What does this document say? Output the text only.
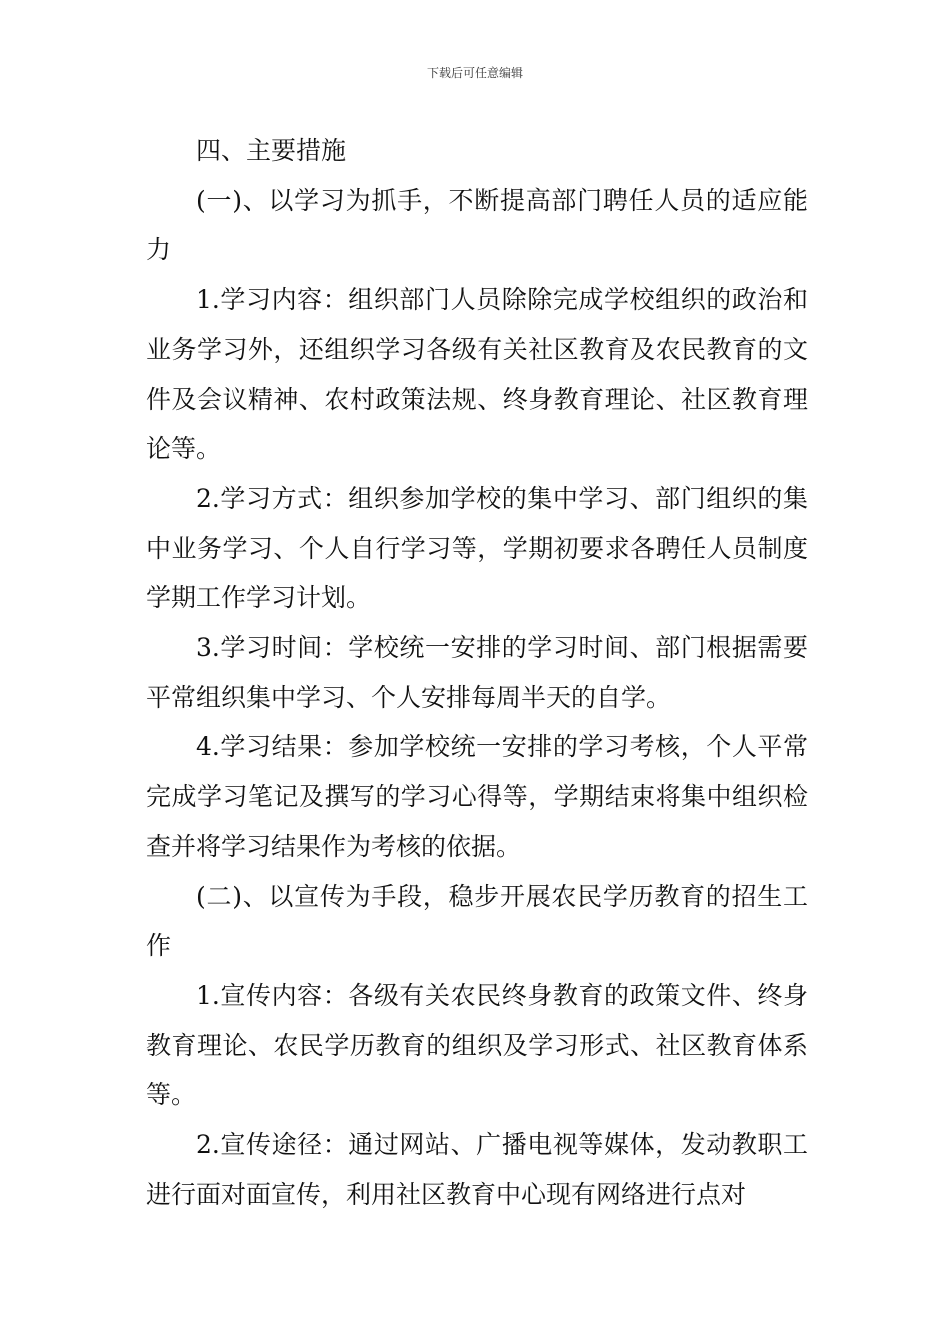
下载后可任意编辑

四、主要措施

(一)、以学习为抓手，不断提高部门聘任人员的适应能力

1.学习内容：组织部门人员除除完成学校组织的政治和业务学习外，还组织学习各级有关社区教育及农民教育的文件及会议精神、农村政策法规、终身教育理论、社区教育理论等。

2.学习方式：组织参加学校的集中学习、部门组织的集中业务学习、个人自行学习等，学期初要求各聘任人员制度学期工作学习计划。

3.学习时间：学校统一安排的学习时间、部门根据需要平常组织集中学习、个人安排每周半天的自学。

4.学习结果：参加学校统一安排的学习考核，个人平常完成学习笔记及撰写的学习心得等，学期结束将集中组织检查并将学习结果作为考核的依据。

(二)、以宣传为手段，稳步开展农民学历教育的招生工作

1.宣传内容：各级有关农民终身教育的政策文件、终身教育理论、农民学历教育的组织及学习形式、社区教育体系等。

2.宣传途径：通过网站、广播电视等媒体，发动教职工进行面对面宣传，利用社区教育中心现有网络进行点对
